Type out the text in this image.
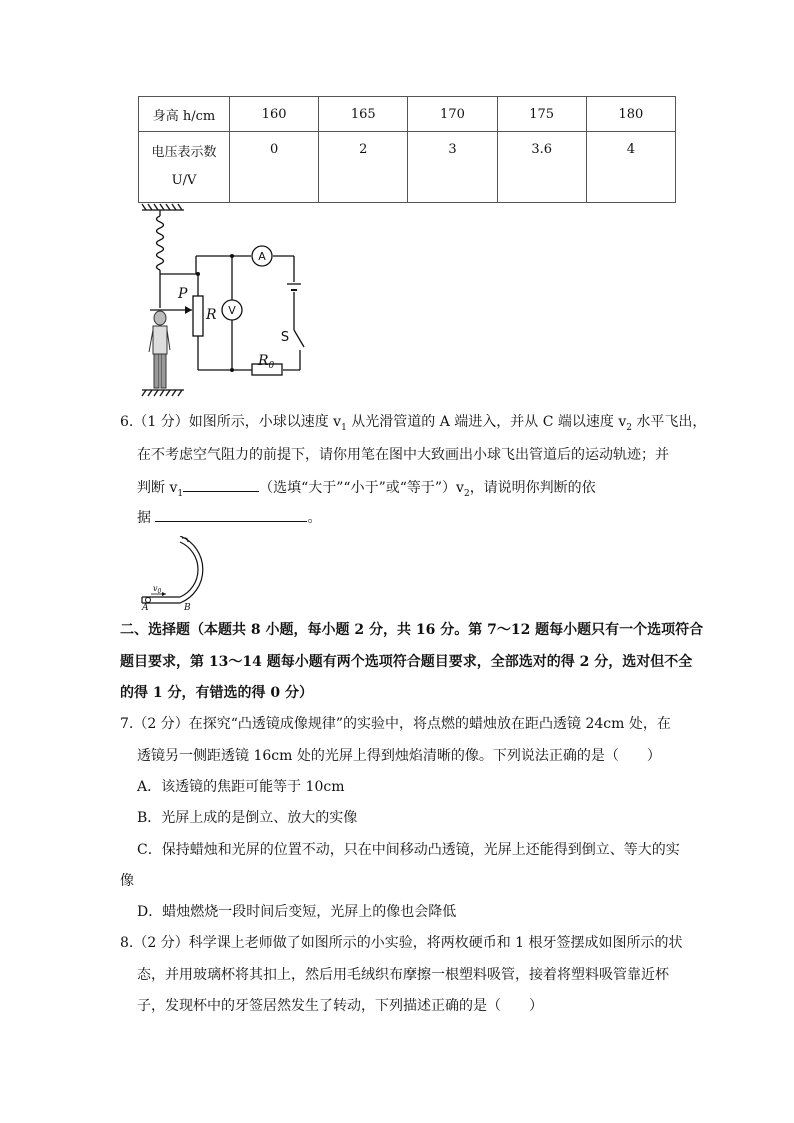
身高 h/cm	160	165	170	175	180

电压表示数
U/V	0	2	3	3.6	4
P
R
$R_0$
V
A
S
6.（1 分）如图所示，小球以速度 $v_1$ 从光滑管道的 A 端进入，并从 C 端以速度 $v_2$ 水平飞出，
在不考虑空气阻力的前提下，请你用笔在图中大致画出小球飞出管道后的运动轨迹；并
判断 $v_1$	（选填“大于”“小于”或“等于$”)v_2$，请说明你判断的依
据	。
$v_0$
A	B
二、选择题（本题共 8 小题，每小题 2 分，共 16 分。第 7～12 题每小题只有一个选项符合
题目要求，第 13～14 题每小题有两个选项符合题目要求，全部选对的得 2 分，选对但不全
的得 1 分，有错选的得 0 分）
7.（2 分）在探究“凸透镜成像规律”的实验中，将点燃的蜡烛放在距凸透镜 24cm 处，在
透镜另一侧距透镜 16cm 处的光屏上得到烛焰清晰的像。下列说法正确的是（　　）
A．该透镜的焦距可能等于 10cm
B．光屏上成的是倒立、放大的实像
C．保持蜡烛和光屏的位置不动，只在中间移动凸透镜，光屏上还能得到倒立、等大的实
像
D．蜡烛燃烧一段时间后变短，光屏上的像也会降低
8.（2 分）科学课上老师做了如图所示的小实验，将两枚硬币和 1 根牙签摆成如图所示的状
态，并用玻璃杯将其扣上，然后用毛绒织布摩擦一根塑料吸管，接着将塑料吸管靠近杯
子，发现杯中的牙签居然发生了转动，下列描述正确的是（　　）
